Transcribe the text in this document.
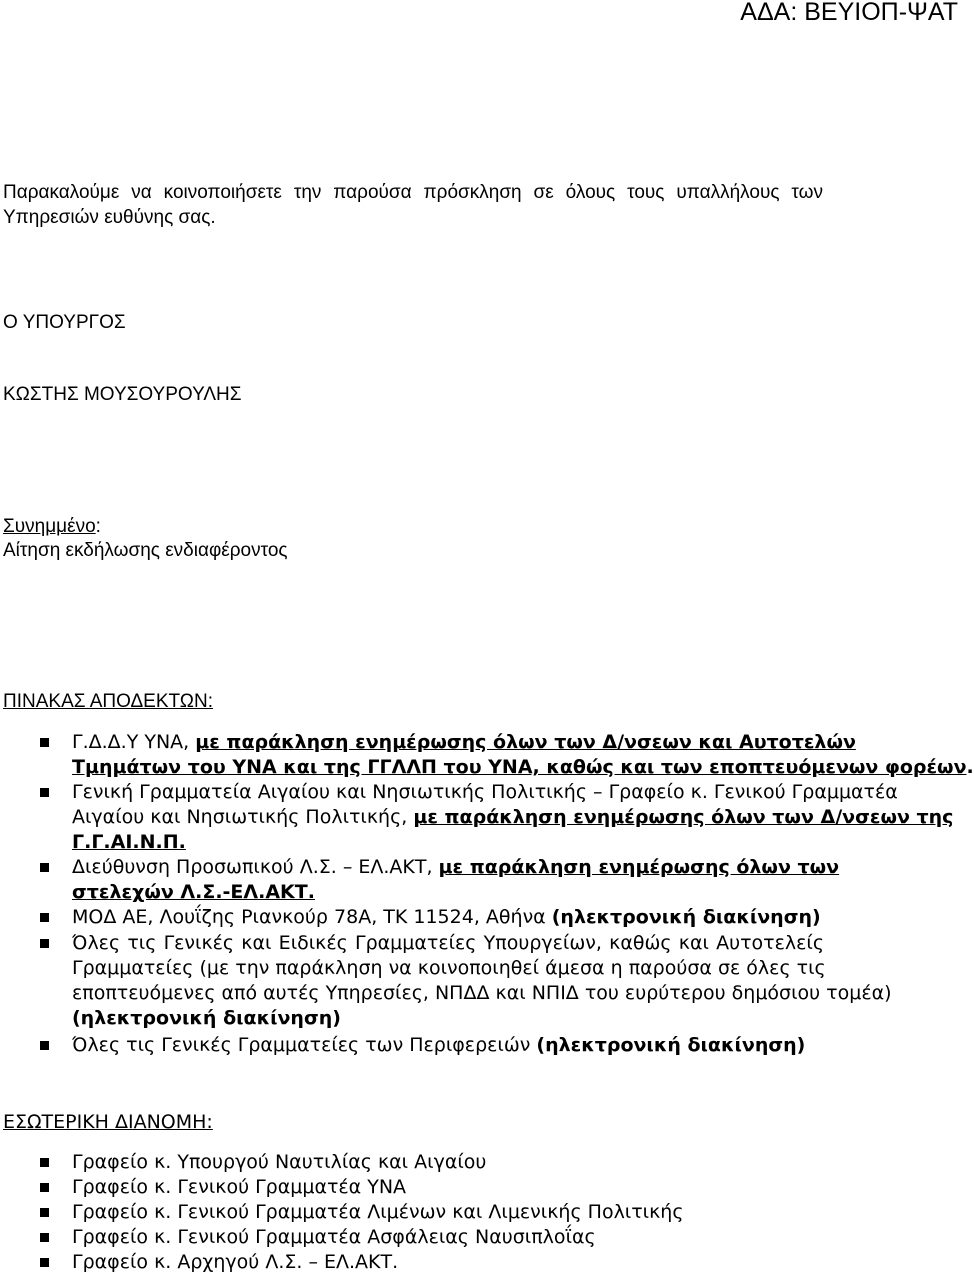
ΑΔΑ: ΒΕΥΙΟΠ-ΨΑΤ
Παρακαλούμε να κοινοποιήσετε την παρούσα πρόσκληση σε όλους τους υπαλλήλους των
Υπηρεσιών ευθύνης σας.
Ο ΥΠΟΥΡΓΟΣ
ΚΩΣΤΗΣ ΜΟΥΣΟΥΡΟΥΛΗΣ
Συνημμένο:
Αίτηση εκδήλωσης ενδιαφέροντος
ΠΙΝΑΚΑΣ ΑΠΟΔΕΚΤΩΝ:
Γ.Δ.Δ.Υ ΥΝΑ, με παράκληση ενημέρωσης όλων των Δ/νσεων και Αυτοτελών
Τμημάτων του ΥΝΑ και της ΓΓΛΛΠ του ΥΝΑ, καθώς και των εποπτευόμενων φορέων.
Γενική Γραμματεία Αιγαίου και Νησιωτικής Πολιτικής – Γραφείο κ. Γενικού Γραμματέα
Αιγαίου και Νησιωτικής Πολιτικής, με παράκληση ενημέρωσης όλων των Δ/νσεων της
Γ.Γ.ΑΙ.Ν.Π.
Διεύθυνση Προσωπικού Λ.Σ. – ΕΛ.ΑΚΤ, με παράκληση ενημέρωσης όλων των
στελεχών Λ.Σ.-ΕΛ.ΑΚΤ.
ΜΟΔ ΑΕ, Λουΐζης Ριανκούρ 78Α, ΤΚ 11524, Αθήνα (ηλεκτρονική διακίνηση)
Όλες τις Γενικές και Ειδικές Γραμματείες Υπουργείων, καθώς και Αυτοτελείς
Γραμματείες (με την παράκληση να κοινοποιηθεί άμεσα η παρούσα σε όλες τις
εποπτευόμενες από αυτές Υπηρεσίες, ΝΠΔΔ και ΝΠΙΔ του ευρύτερου δημόσιου τομέα)
(ηλεκτρονική διακίνηση)
Όλες τις Γενικές Γραμματείες των Περιφερειών (ηλεκτρονική διακίνηση)
ΕΣΩΤΕΡΙΚΗ ΔΙΑΝΟΜΗ:
Γραφείο κ. Υπουργού Ναυτιλίας και Αιγαίου
Γραφείο κ. Γενικού Γραμματέα ΥΝΑ
Γραφείο κ. Γενικού Γραμματέα Λιμένων και Λιμενικής Πολιτικής
Γραφείο κ. Γενικού Γραμματέα Ασφάλειας Ναυσιπλοΐας
Γραφείο κ. Αρχηγού Λ.Σ. – ΕΛ.ΑΚΤ.
